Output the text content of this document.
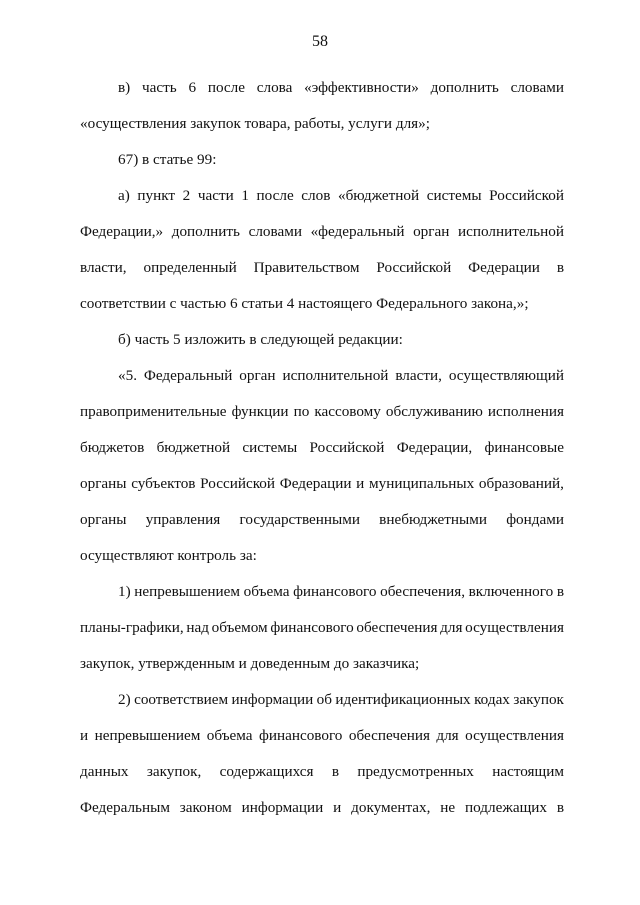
58
в) часть 6 после слова «эффективности» дополнить словами
«осуществления закупок товара, работы, услуги для»;
67) в статье 99:
а) пункт 2 части 1 после слов «бюджетной системы Российской
Федерации,» дополнить словами «федеральный орган исполнительной
власти, определенный Правительством Российской Федерации в
соответствии с частью 6 статьи 4 настоящего Федерального закона,»;
б) часть 5 изложить в следующей редакции:
«5. Федеральный орган исполнительной власти, осуществляющий
правоприменительные функции по кассовому обслуживанию исполнения
бюджетов бюджетной системы Российской Федерации, финансовые
органы субъектов Российской Федерации и муниципальных образований,
органы управления государственными внебюджетными фондами
осуществляют контроль за:
1) непревышением объема финансового обеспечения, включенного в
планы-графики, над объемом финансового обеспечения для осуществления
закупок, утвержденным и доведенным до заказчика;
2) соответствием информации об идентификационных кодах закупок
и непревышением объема финансового обеспечения для осуществления
данных закупок, содержащихся в предусмотренных настоящим
Федеральным законом информации и документах, не подлежащих в
